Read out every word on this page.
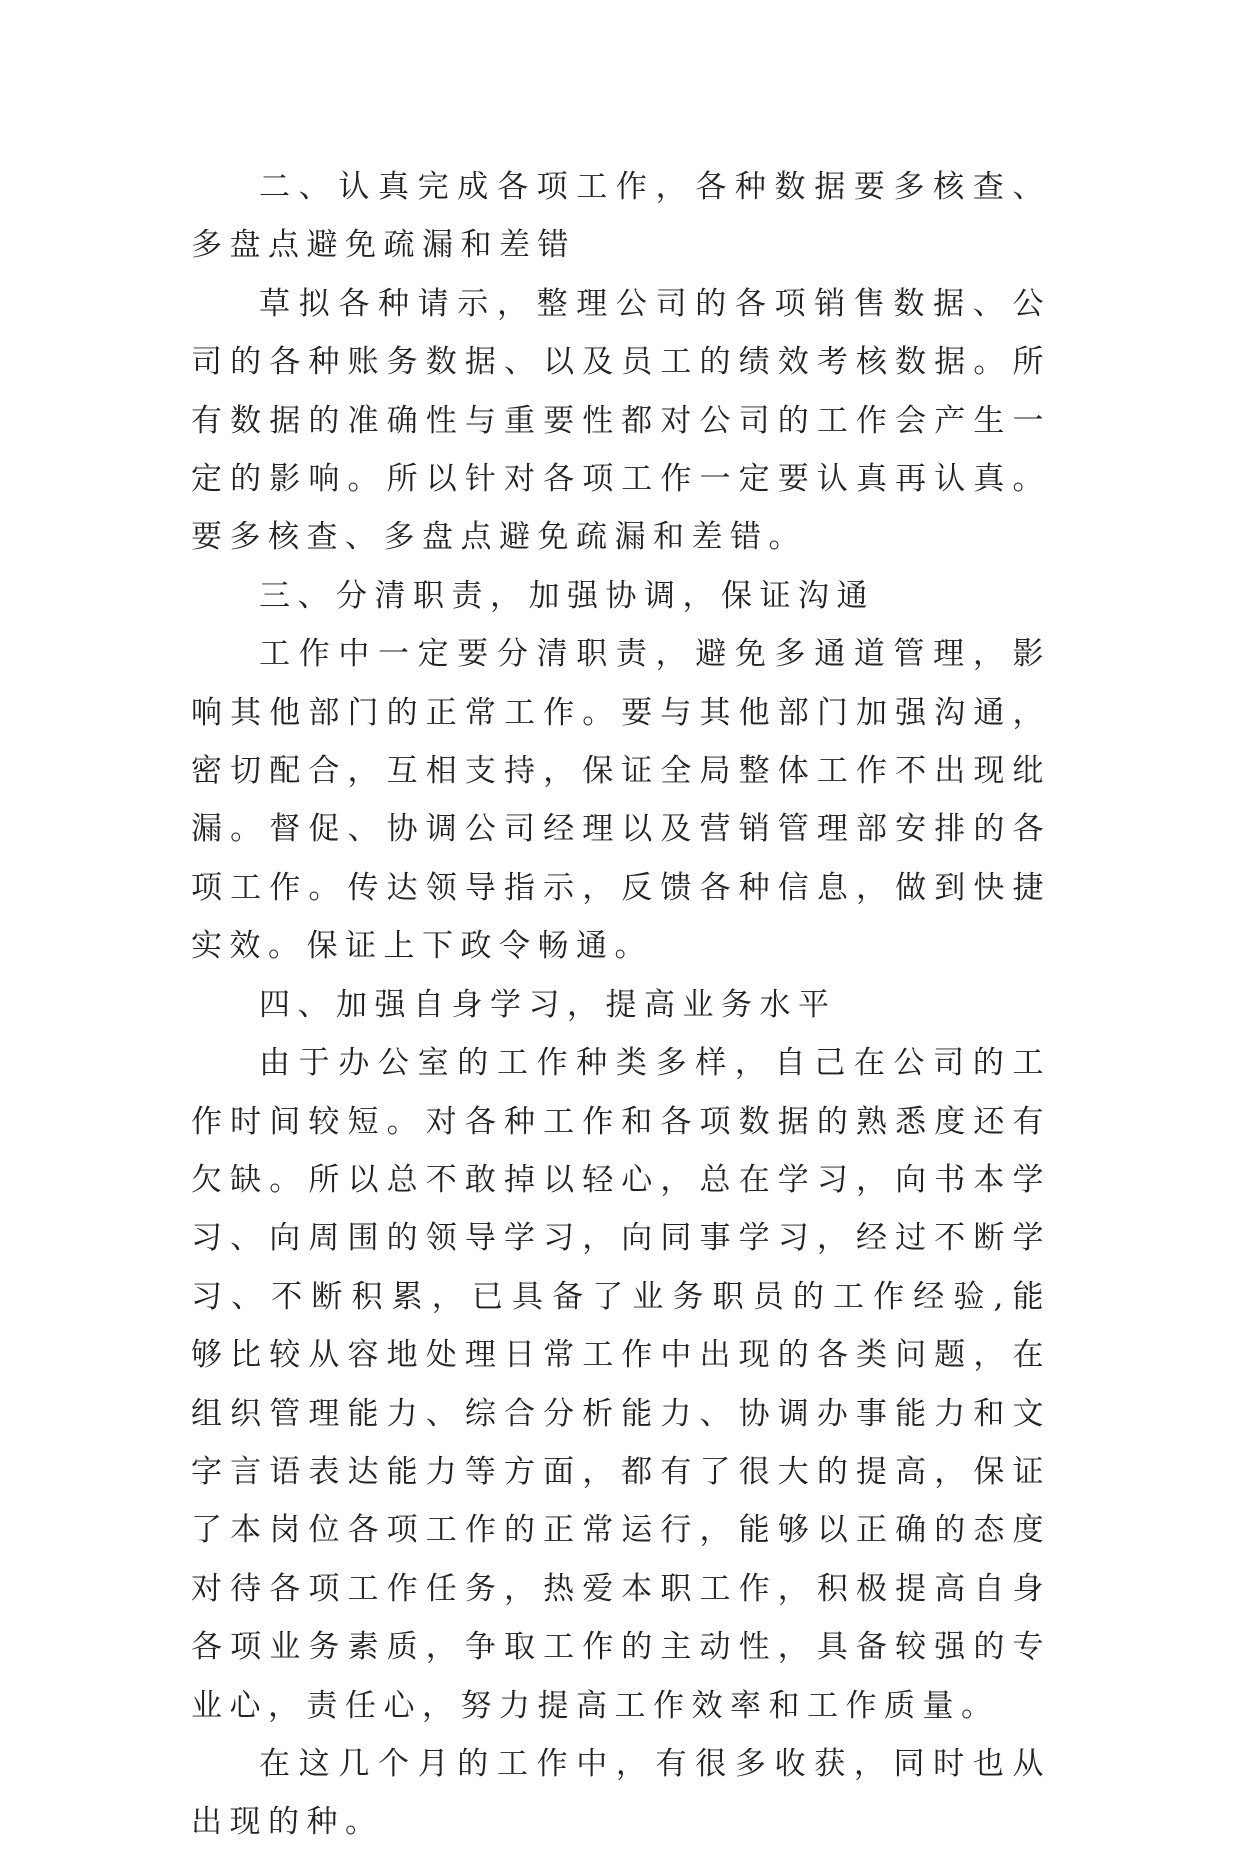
二、认真完成各项工作，各种数据要多核查、多盘点避免疏漏和差错

草拟各种请示，整理公司的各项销售数据、公司的各种账务数据、以及员工的绩效考核数据。所有数据的准确性与重要性都对公司的工作会产生一定的影响。所以针对各项工作一定要认真再认真。要多核查、多盘点避免疏漏和差错。

三、分清职责，加强协调，保证沟通

工作中一定要分清职责，避免多通道管理，影响其他部门的正常工作。要与其他部门加强沟通，密切配合，互相支持，保证全局整体工作不出现纰漏。督促、协调公司经理以及营销管理部安排的各项工作。传达领导指示，反馈各种信息，做到快捷实效。保证上下政令畅通。

四、加强自身学习，提高业务水平

由于办公室的工作种类多样，自己在公司的工作时间较短。对各种工作和各项数据的熟悉度还有欠缺。所以总不敢掉以轻心，总在学习，向书本学习、向周围的领导学习，向同事学习，经过不断学习、不断积累，已具备了业务职员的工作经验,能够比较从容地处理日常工作中出现的各类问题，在组织管理能力、综合分析能力、协调办事能力和文字言语表达能力等方面，都有了很大的提高，保证了本岗位各项工作的正常运行，能够以正确的态度对待各项工作任务，热爱本职工作，积极提高自身各项业务素质，争取工作的主动性，具备较强的专业心，责任心，努力提高工作效率和工作质量。

在这几个月的工作中，有很多收获，同时也从出现的种。
